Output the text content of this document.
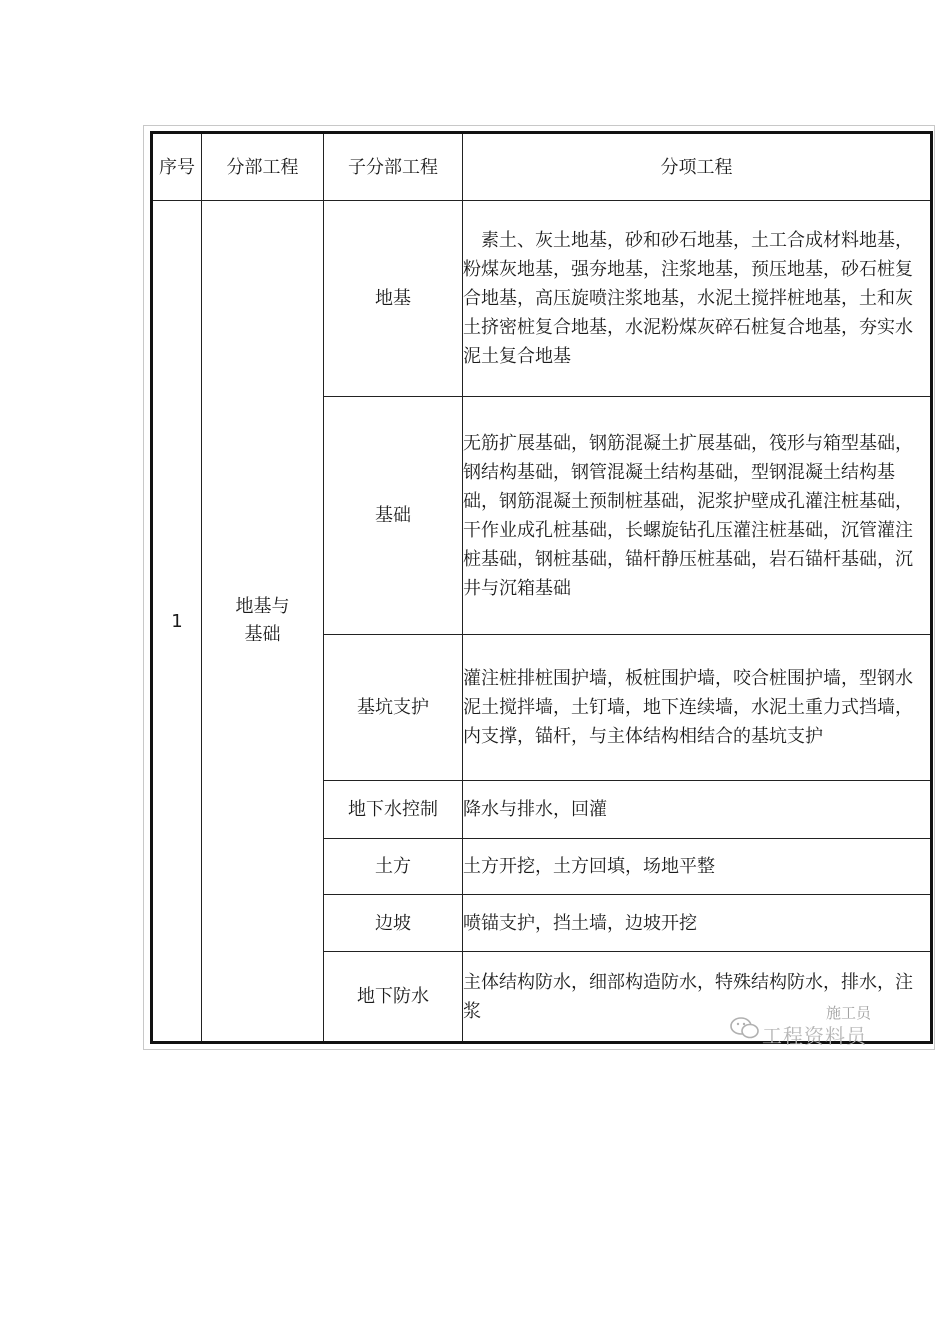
序号	分部工程	子分部工程	分项工程
1	地基与
基础	地基	　素土、灰土地基，砂和砂石地基，土工合成材料地基，粉煤灰地基，强夯地基，注浆地基，预压地基，砂石桩复合地基，高压旋喷注浆地基，水泥土搅拌桩地基，土和灰土挤密桩复合地基，水泥粉煤灰碎石桩复合地基，夯实水泥土复合地基
		基础	无筋扩展基础，钢筋混凝土扩展基础，筏形与箱型基础，钢结构基础，钢管混凝土结构基础，型钢混凝土结构基础，钢筋混凝土预制桩基础，泥浆护壁成孔灌注桩基础，干作业成孔桩基础，长螺旋钻孔压灌注桩基础，沉管灌注桩基础，钢桩基础，锚杆静压桩基础，岩石锚杆基础，沉井与沉箱基础
		基坑支护	灌注桩排桩围护墙，板桩围护墙，咬合桩围护墙，型钢水泥土搅拌墙，土钉墙，地下连续墙，水泥土重力式挡墙，内支撑，锚杆，与主体结构相结合的基坑支护
		地下水控制	降水与排水，回灌
		土方	土方开挖，土方回填，场地平整
		边坡	喷锚支护，挡土墙，边坡开挖
		地下防水	主体结构防水，细部构造防水，特殊结构防水，排水，注浆	施工员
工程资料员
